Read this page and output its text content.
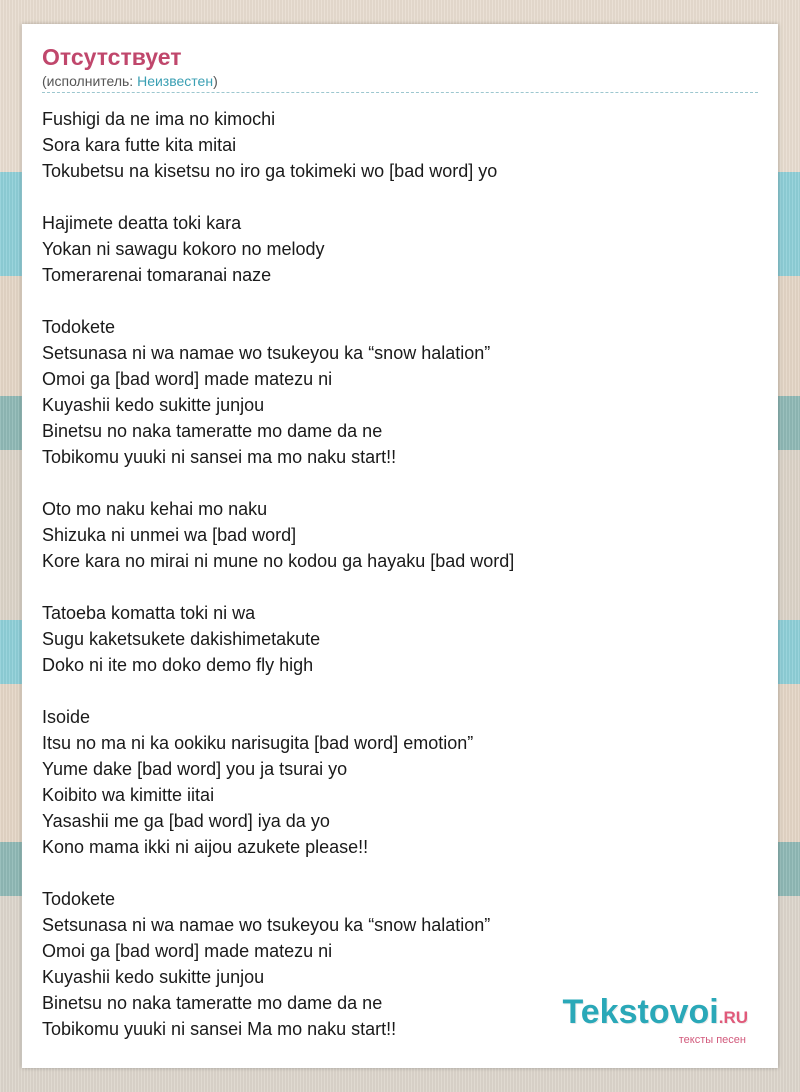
Отсутствует
(исполнитель: Неизвестен)
Fushigi da ne ima no kimochi
Sora kara futte kita mitai
Tokubetsu na kisetsu no iro ga tokimeki wo [bad word] yo
Hajimete deatta toki kara
Yokan ni sawagu kokoro no melody
Tomerarenai tomaranai naze
Todokete
Setsunasa ni wa namae wo tsukeyou ka “snow halation”
Omoi ga [bad word] made matezu ni
Kuyashii kedo sukitte junjou
Binetsu no naka tameratte mo dame da ne
Tobikomu yuuki ni sansei ma mo naku start!!
Oto mo naku kehai mo naku
Shizuka ni unmei wa [bad word]
Kore kara no mirai ni mune no kodou ga hayaku [bad word]
Tatoeba komatta toki ni wa
Sugu kaketsukete dakishimetakute
Doko ni ite mo doko demo fly high
Isoide
Itsu no ma ni ka ookiku narisugita [bad word] emotion”
Yume dake [bad word] you ja tsurai yo
Koibito wa kimitte iitai
Yasashii me ga [bad word] iya da yo
Kono mama ikki ni aijou azukete please!!
Todokete
Setsunasa ni wa namae wo tsukeyou ka “snow halation”
Omoi ga [bad word] made matezu ni
Kuyashii kedo sukitte junjou
Binetsu no naka tameratte mo dame da ne
Tobikomu yuuki ni sansei Ma mo naku start!!	Tekstovoi.RU
тексты песен
